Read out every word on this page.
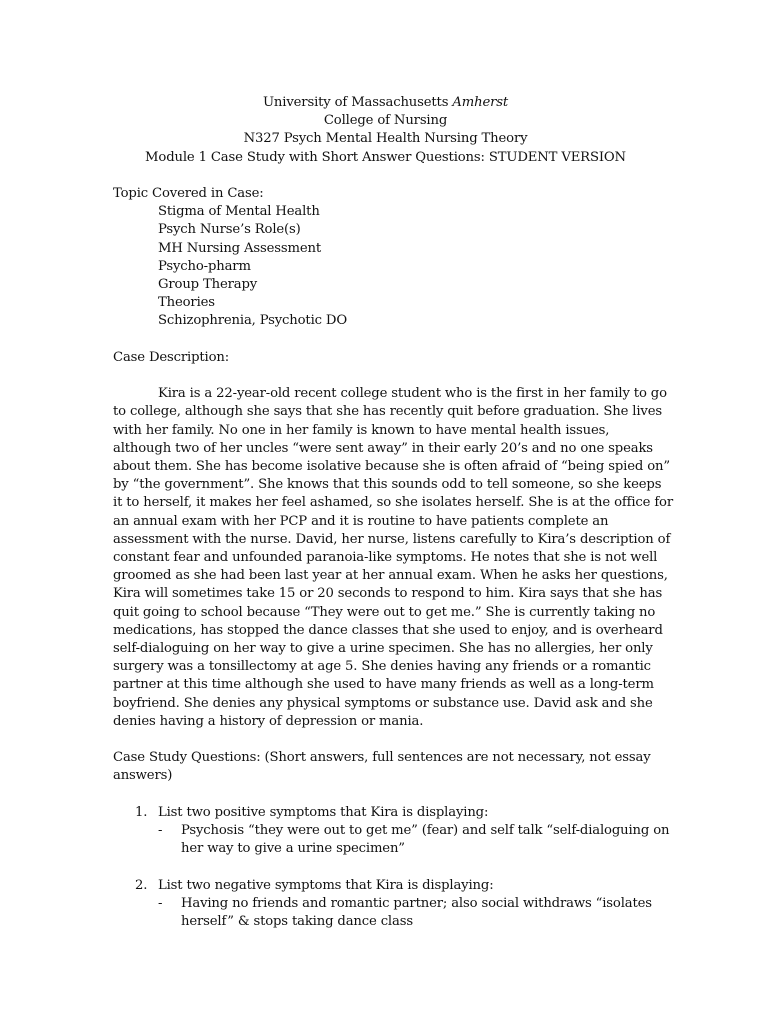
University of Massachusetts Amherst
College of Nursing
N327 Psych Mental Health Nursing Theory
Module 1 Case Study with Short Answer Questions: STUDENT VERSION
Topic Covered in Case:
Stigma of Mental Health
Psych Nurse’s Role(s)
MH Nursing Assessment
Psycho-pharm
Group Therapy
Theories
Schizophrenia, Psychotic DO
Case Description:

Kira is a 22-year-old recent college student who is the first in her family to go
to college, although she says that she has recently quit before graduation. She lives
with her family. No one in her family is known to have mental health issues,
although two of her uncles “were sent away” in their early 20’s and no one speaks
about them. She has become isolative because she is often afraid of “being spied on”
by “the government”. She knows that this sounds odd to tell someone, so she keeps
it to herself, it makes her feel ashamed, so she isolates herself. She is at the office for
an annual exam with her PCP and it is routine to have patients complete an
assessment with the nurse. David, her nurse, listens carefully to Kira’s description of
constant fear and unfounded paranoia-like symptoms. He notes that she is not well
groomed as she had been last year at her annual exam. When he asks her questions,
Kira will sometimes take 15 or 20 seconds to respond to him. Kira says that she has
quit going to school because “They were out to get me.” She is currently taking no
medications, has stopped the dance classes that she used to enjoy, and is overheard
self-dialoguing on her way to give a urine specimen. She has no allergies, her only
surgery was a tonsillectomy at age 5. She denies having any friends or a romantic
partner at this time although she used to have many friends as well as a long-term
boyfriend. She denies any physical symptoms or substance use. David ask and she
denies having a history of depression or mania.

Case Study Questions: (Short answers, full sentences are not necessary, not essay
answers)
1. List two positive symptoms that Kira is displaying:
- Psychosis “they were out to get me” (fear) and self talk “self-dialoguing on
her way to give a urine specimen”
2. List two negative symptoms that Kira is displaying:
- Having no friends and romantic partner; also social withdraws “isolates
herself” & stops taking dance class
